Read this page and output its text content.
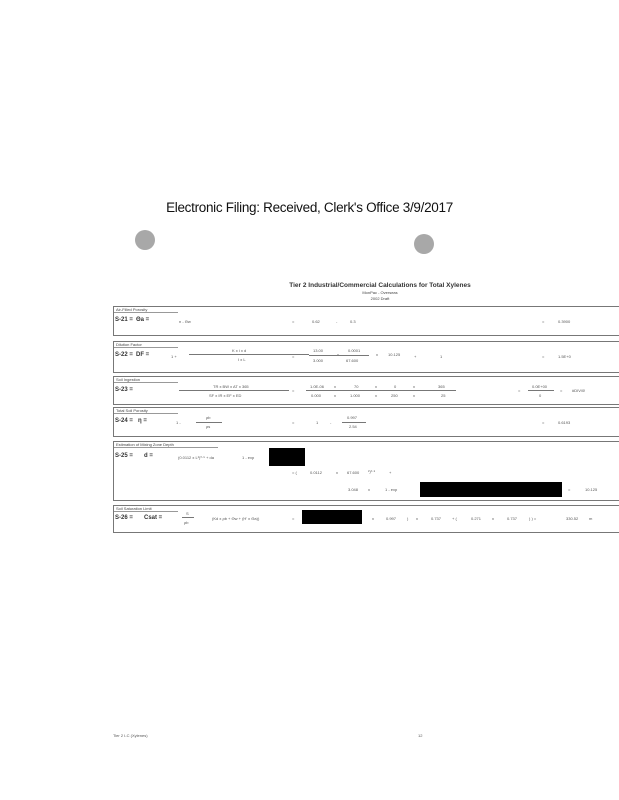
Electronic Filing: Received, Clerk's Office 3/9/2017
Tier 2 Industrial/Commercial Calculations for Total Xylenes
MonPac - Overseas
2002 Draft
Air-Filled Porosity
S-21 = Θa =	n - Θw	=	0.62	-	0.3	=	0.3900
Dilution Factor
S-22 = DF =	1 +
K x i x d
I x L
=
13.00
3.000
x
0.0001
67.600
x	10.125	+	1	=	1.5E+0
Soil Ingestion
S-23 =
TR x BW x AT x 365
SF x IR x EF x ED
=
1.0E-06 x	70	x	0	x	365
0.000	x	1.000	x	250	x	25
=
0.0E+00
0
= #DIV/0!
Total Soil Porosity
S-24 = η =	1 -
ρb
ρs
=	1	-
0.997
2.54
=	0.6193
Estimation of Mixing Zone Depth
S-25 = d =	(0.0112 x L²)⁰·⁵ + da	1 - exp
= (	0.0112	x 67.600 ²)⁰·⁵	+
3.048 x	1 - exp	=	10.125
Soil Saturation Limit
S-26 = Csat =
S
ρb
(Kd x ρb + Θw + (H' x Θa))	=	x	0.997	) x	0.737	+ (	0.271	x	0.737	) ) =	330.52	m
Tier 2 I-C (Xylenes)	12
